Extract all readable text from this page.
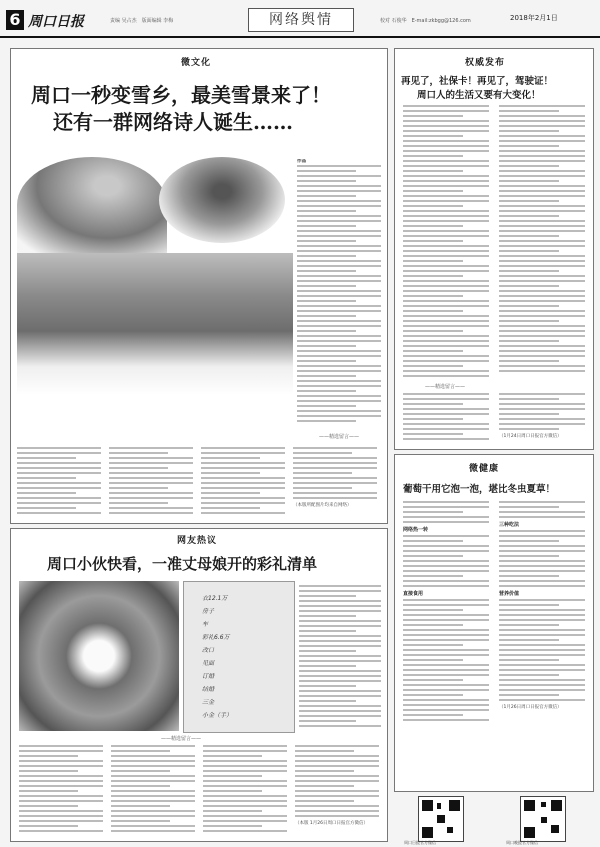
6 周口日报	责编 吴占杰　版面编辑 李梅	网络舆情	校对 石俊华　E-mail:zkbgg@126.com	2018年2月1日
微文化
周口一秒变雪乡，最美雪景来了！
还有一群网络诗人诞生……
作品
——精选留言——
（本版所配图片均来自网络）
网友热议
周口小伙快看，一准丈母娘开的彩礼清单
衣12.1万
房子
车
彩礼6.6万
改口
见面
订婚
结婚
三金
小金（手）
——精选留言——
（本版 1月26日周口日报官方微信）
权威发布
再见了，社保卡！再见了，驾驶证！
周口人的生活又要有大变化！
——精选留言——
（1月24日周口日报官方微信）
微健康
葡萄干用它泡一泡，堪比冬虫夏草！
网络热一转
直接食用
三种吃法
营养价值
（1月26日周口日报官方微信）
周口日报官方微信	周口晚报官方微信
